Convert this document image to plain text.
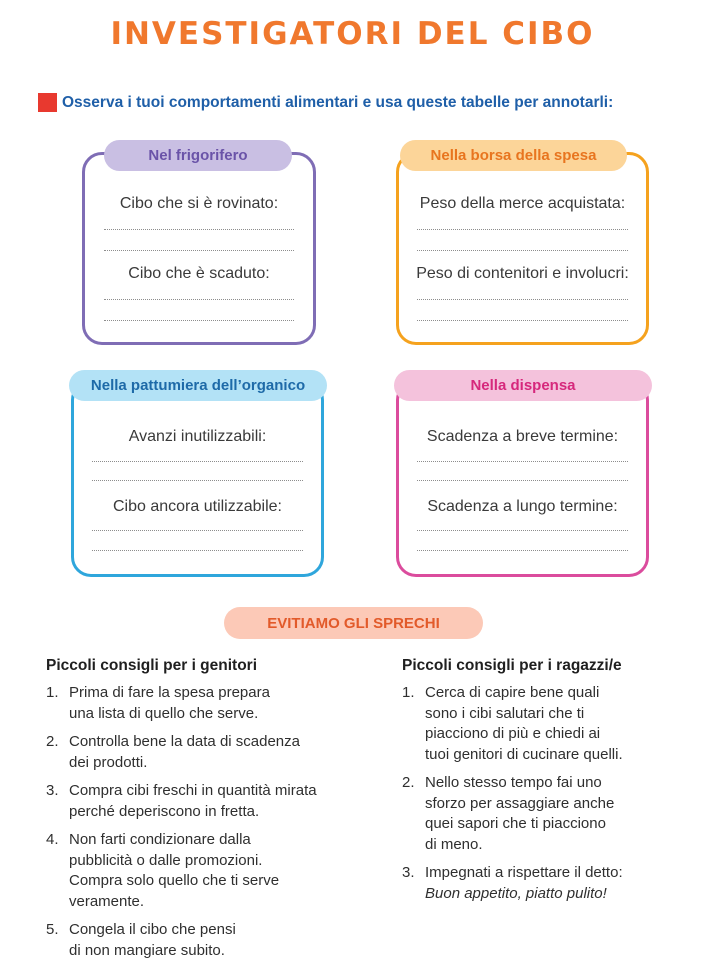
INVESTIGATORI DEL CIBO
Osserva i tuoi comportamenti alimentari e usa queste tabelle per annotarli:
Cibo che si è rovinato:
Cibo che è scaduto:
Nel frigorifero
Peso della merce acquistata:
Peso di contenitori e involucri:
Nella borsa della spesa
Avanzi inutilizzabili:
Cibo ancora utilizzabile:
Nella pattumiera dell’organico
Scadenza a breve termine:
Scadenza a lungo termine:
Nella dispensa
EVITIAMO GLI SPRECHI
Piccoli consigli per i genitori
1. Prima di fare la spesa prepara
una lista di quello che serve.
2. Controlla bene la data di scadenza
dei prodotti.
3. Compra cibi freschi in quantità mirata
perché deperiscono in fretta.
4. Non farti condizionare dalla
pubblicità o dalle promozioni.
Compra solo quello che ti serve
veramente.
5. Congela il cibo che pensi
di non mangiare subito.
Piccoli consigli per i ragazzi/e
1. Cerca di capire bene quali
sono i cibi salutari che ti
piacciono di più e chiedi ai
tuoi genitori di cucinare quelli.
2. Nello stesso tempo fai uno
sforzo per assaggiare anche
quei sapori che ti piacciono
di meno.
3. Impegnati a rispettare il detto:
Buon appetito, piatto pulito!
